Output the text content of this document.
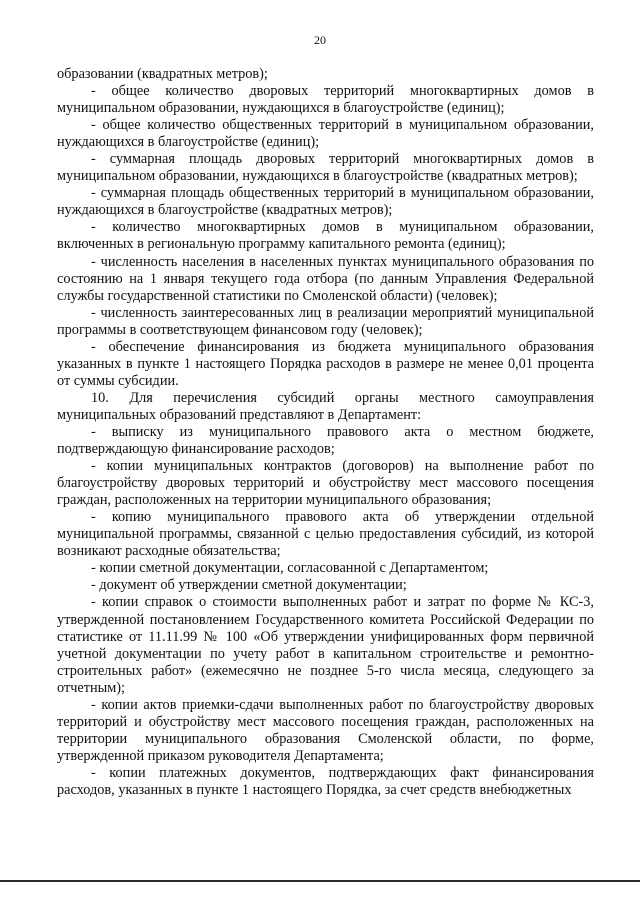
20

образовании (квадратных метров);

- общее количество дворовых территорий многоквартирных домов в муниципальном образовании, нуждающихся в благоустройстве (единиц);

- общее количество общественных территорий в муниципальном образовании, нуждающихся в благоустройстве (единиц);

- суммарная площадь дворовых территорий многоквартирных домов в муниципальном образовании, нуждающихся в благоустройстве (квадратных метров);

- суммарная площадь общественных территорий в муниципальном образовании, нуждающихся в благоустройстве (квадратных метров);

- количество многоквартирных домов в муниципальном образовании, включенных в региональную программу капитального ремонта (единиц);

- численность населения в населенных пунктах муниципального образования по состоянию на 1 января текущего года отбора (по данным Управления Федеральной службы государственной статистики по Смоленской области) (человек);

- численность заинтересованных лиц в реализации мероприятий муниципальной программы в соответствующем финансовом году (человек);

- обеспечение финансирования из бюджета муниципального образования указанных в пункте 1 настоящего Порядка расходов в размере не менее 0,01 процента от суммы субсидии.

10. Для перечисления субсидий органы местного самоуправления муниципальных образований представляют в Департамент:

- выписку из муниципального правового акта о местном бюджете, подтверждающую финансирование расходов;

- копии муниципальных контрактов (договоров) на выполнение работ по благоустройству дворовых территорий и обустройству мест массового посещения граждан, расположенных на территории муниципального образования;

- копию муниципального правового акта об утверждении отдельной муниципальной программы, связанной с целью предоставления субсидий, из которой возникают расходные обязательства;

- копии сметной документации, согласованной с Департаментом;

- документ об утверждении сметной документации;

- копии справок о стоимости выполненных работ и затрат по форме № КС-3, утвержденной постановлением Государственного комитета Российской Федерации по статистике от 11.11.99 № 100 «Об утверждении унифицированных форм первичной учетной документации по учету работ в капитальном строительстве и ремонтно-строительных работ» (ежемесячно не позднее 5-го числа месяца, следующего за отчетным);

- копии актов приемки-сдачи выполненных работ по благоустройству дворовых территорий и обустройству мест массового посещения граждан, расположенных на территории муниципального образования Смоленской области, по форме, утвержденной приказом руководителя Департамента;

- копии платежных документов, подтверждающих факт финансирования расходов, указанных в пункте 1 настоящего Порядка, за счет средств внебюджетных
